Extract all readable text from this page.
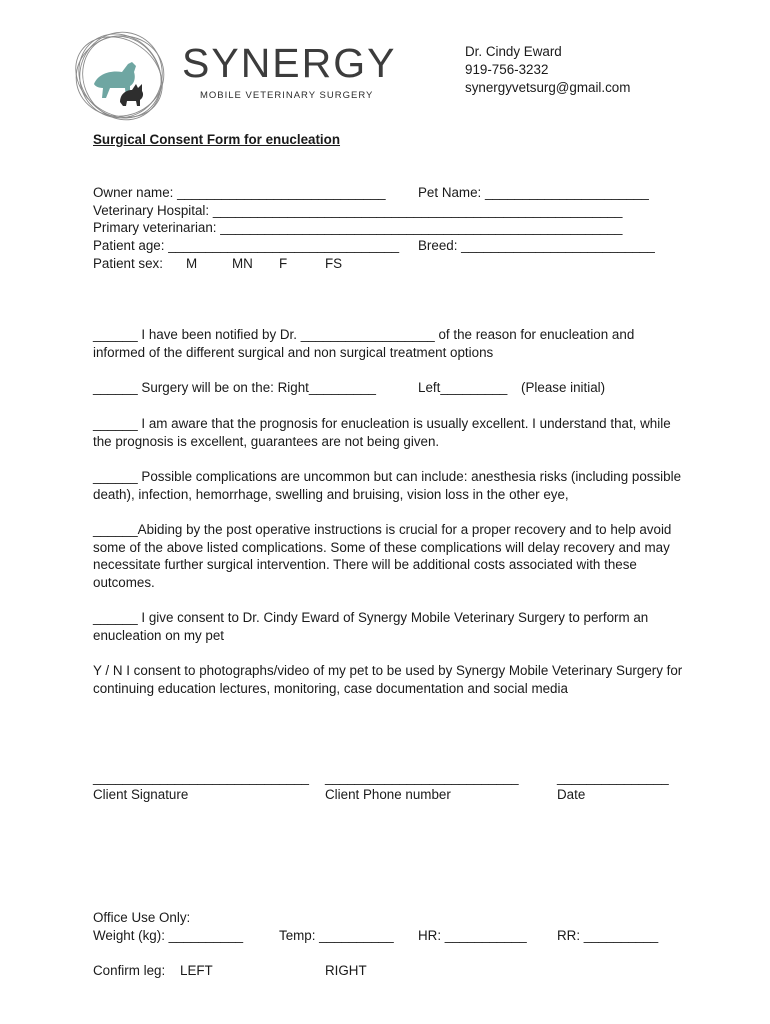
SYNERGY
MOBILE VETERINARY SURGERY
Dr. Cindy Eward
919-756-3232
synergyvetsurg@gmail.com
Surgical Consent Form for enucleation
Owner name: ____________________________ Pet Name: ______________________
Veterinary Hospital: _______________________________________________________
Primary veterinarian: ______________________________________________________
Patient age: _______________________________ Breed: __________________________
Patient sex: M	MN F	FS
______ I have been notified by Dr. __________________ of the reason for enucleation and informed of the different surgical and non surgical treatment options
______ Surgery will be on the: Right_________	Left_________ (Please initial)
______ I am aware that the prognosis for enucleation is usually excellent. I understand that, while the prognosis is excellent, guarantees are not being given.
______ Possible complications are uncommon but can include: anesthesia risks (including possible death), infection, hemorrhage, swelling and bruising, vision loss in the other eye,
______Abiding by the post operative instructions is crucial for a proper recovery and to help avoid some of the above listed complications. Some of these complications will delay recovery and may necessitate further surgical intervention. There will be additional costs associated with these outcomes.
______ I give consent to Dr. Cindy Eward of Synergy Mobile Veterinary Surgery to perform an enucleation on my pet
Y / N I consent to photographs/video of my pet to be used by Synergy Mobile Veterinary Surgery for continuing education lectures, monitoring, case documentation and social media
_____________________________
Client Signature
__________________________
Client Phone number
_______________
Date
Office Use Only:
Weight (kg): __________	Temp: __________ HR: ___________ RR: __________
Confirm leg: LEFT	RIGHT
